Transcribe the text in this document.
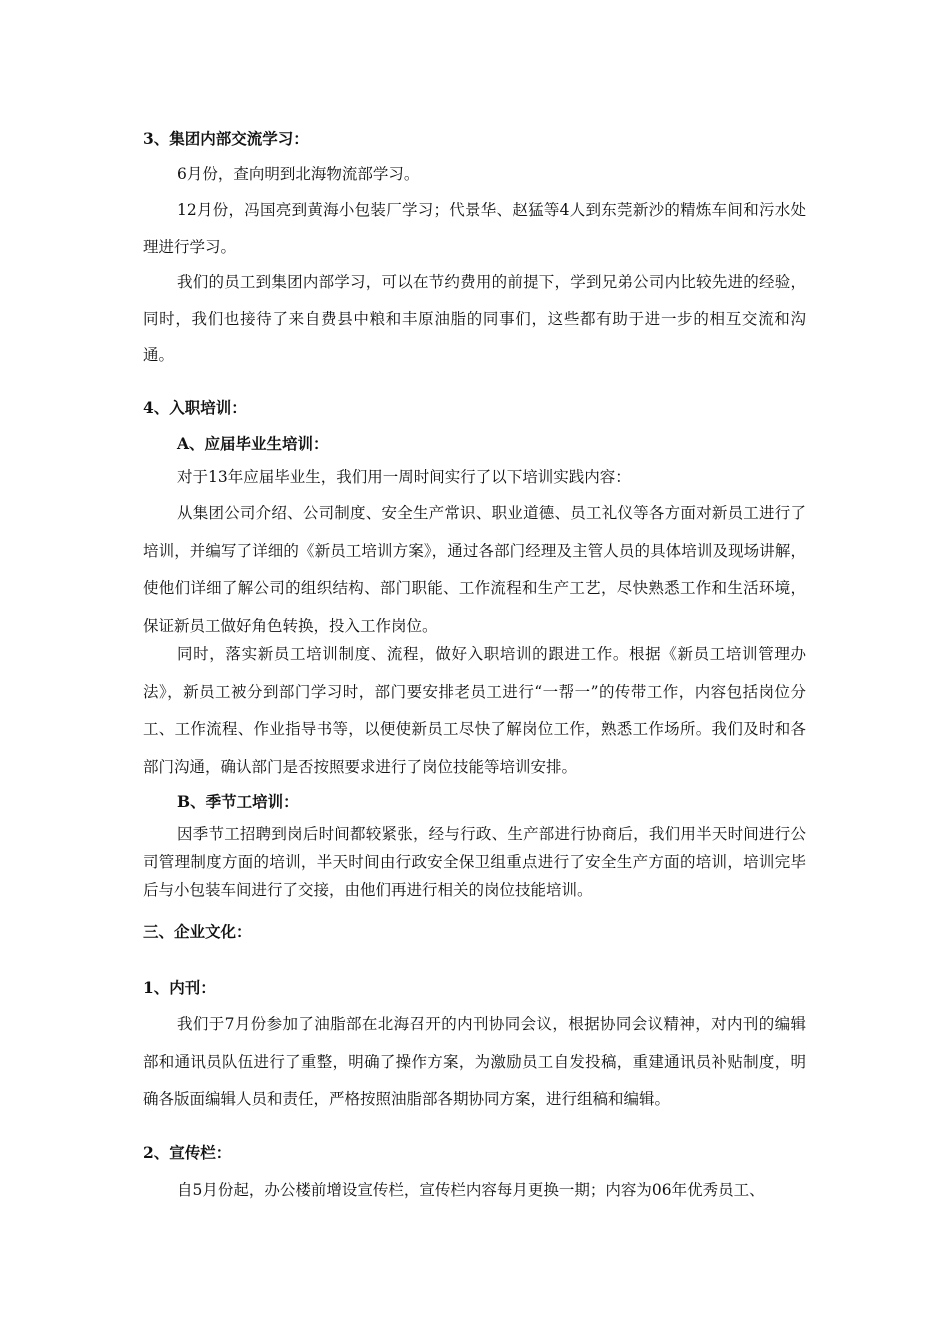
3、集团内部交流学习：

6月份，查向明到北海物流部学习。

12月份，冯国亮到黄海小包装厂学习；代景华、赵猛等4人到东莞新沙的精炼车间和污水处理进行学习。

我们的员工到集团内部学习，可以在节约费用的前提下，学到兄弟公司内比较先进的经验，同时，我们也接待了来自费县中粮和丰原油脂的同事们，这些都有助于进一步的相互交流和沟通。

4、入职培训：
A、应届毕业生培训：

对于13年应届毕业生，我们用一周时间实行了以下培训实践内容：

从集团公司介绍、公司制度、安全生产常识、职业道德、员工礼仪等各方面对新员工进行了培训，并编写了详细的《新员工培训方案》，通过各部门经理及主管人员的具体培训及现场讲解，使他们详细了解公司的组织结构、部门职能、工作流程和生产工艺，尽快熟悉工作和生活环境，保证新员工做好角色转换，投入工作岗位。

同时，落实新员工培训制度、流程，做好入职培训的跟进工作。根据《新员工培训管理办法》，新员工被分到部门学习时，部门要安排老员工进行“一帮一”的传带工作，内容包括岗位分工、工作流程、作业指导书等，以便使新员工尽快了解岗位工作，熟悉工作场所。我们及时和各部门沟通，确认部门是否按照要求进行了岗位技能等培训安排。

B、季节工培训：

因季节工招聘到岗后时间都较紧张，经与行政、生产部进行协商后，我们用半天时间进行公司管理制度方面的培训，半天时间由行政安全保卫组重点进行了安全生产方面的培训，培训完毕后与小包装车间进行了交接，由他们再进行相关的岗位技能培训。

三、企业文化：
1、内刊：

我们于7月份参加了油脂部在北海召开的内刊协同会议，根据协同会议精神，对内刊的编辑部和通讯员队伍进行了重整，明确了操作方案，为激励员工自发投稿，重建通讯员补贴制度，明确各版面编辑人员和责任，严格按照油脂部各期协同方案，进行组稿和编辑。

2、宣传栏：

自5月份起，办公楼前增设宣传栏，宣传栏内容每月更换一期；内容为06年优秀员工、
